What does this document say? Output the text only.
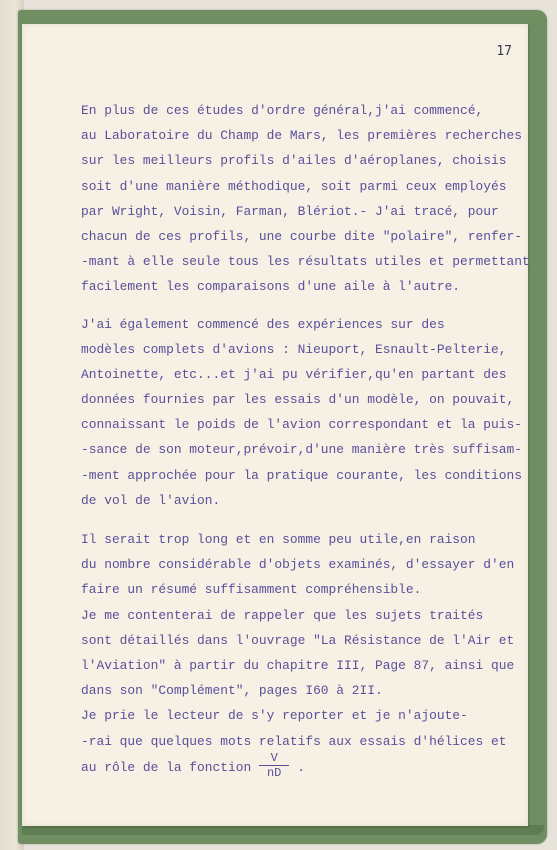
17

En plus de ces études d'ordre général,j'ai commencé,
au Laboratoire du Champ de Mars, les premières recherches
sur les meilleurs profils d'ailes d'aéroplanes, choisis
soit d'une manière méthodique, soit parmi ceux employés
par Wright, Voisin, Farman, Blériot.- J'ai tracé, pour
chacun de ces profils, une courbe dite "polaire", renfer-
-mant à elle seule tous les résultats utiles et permettant
facilement les comparaisons d'une aile à l'autre.
J'ai également commencé des expériences sur des
modèles complets d'avions : Nieuport, Esnault-Pelterie,
Antoinette, etc...et j'ai pu vérifier,qu'en partant des
données fournies par les essais d'un modèle, on pouvait,
connaissant le poids de l'avion correspondant et la puis-
-sance de son moteur,prévoir,d'une manière très suffisam-
-ment approchée pour la pratique courante, les conditions
de vol de l'avion.
Il serait trop long et en somme peu utile,en raison
du nombre considérable d'objets examinés, d'essayer d'en
faire un résumé suffisamment compréhensible.
Je me contenterai de rappeler que les sujets traités
sont détaillés dans l'ouvrage "La Résistance de l'Air et
l'Aviation" à partir du chapitre III, Page 87, ainsi que
dans son "Complément", pages I60 à 2II.
Je prie le lecteur de s'y reporter et je n'ajoute-
-rai que quelques mots relatifs aux essais d'hélices et
au rôle de la fonction $\frac{V}{nD}$ .
